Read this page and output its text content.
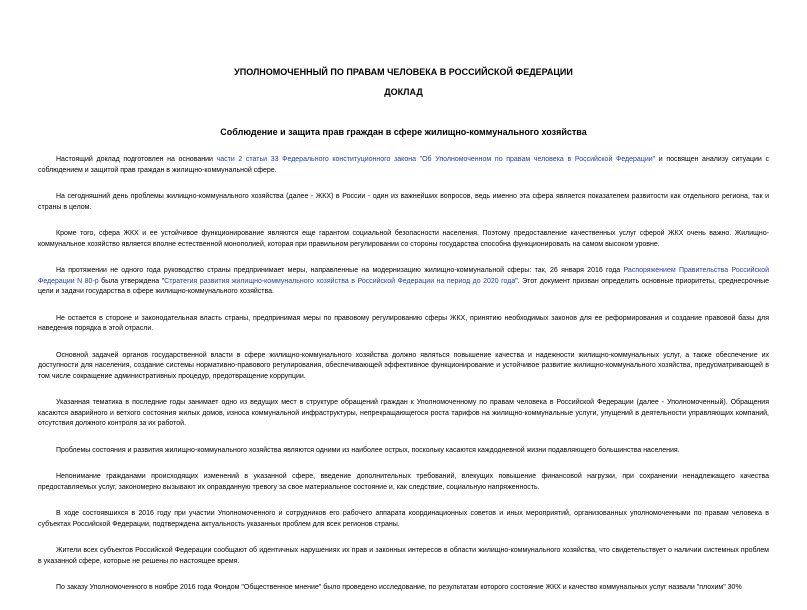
УПОЛНОМОЧЕННЫЙ ПО ПРАВАМ ЧЕЛОВЕКА В РОССИЙСКОЙ ФЕДЕРАЦИИ
ДОКЛАД
Соблюдение и защита прав граждан в сфере жилищно-коммунального хозяйства

Настоящий доклад подготовлен на основании части 2 статьи 33 Федерального конституционного закона "Об Уполномоченном по правам человека в Российской Федерации" и посвящен анализу ситуации с соблюдением и защитой прав граждан в жилищно-коммунальной сфере.

На сегодняшний день проблемы жилищно-коммунального хозяйства (далее - ЖКХ) в России - один из важнейших вопросов, ведь именно эта сфера является показателем развитости как отдельного региона, так и страны в целом.

Кроме того, сфера ЖКХ и ее устойчивое функционирование являются еще гарантом социальной безопасности населения. Поэтому предоставление качественных услуг сферой ЖКХ очень важно. Жилищно-коммунальное хозяйство является вполне естественной монополией, которая при правильном регулировании со стороны государства способна функционировать на самом высоком уровне.

На протяжении не одного года руководство страны предпринимает меры, направленные на модернизацию жилищно-коммунальной сферы: так, 26 января 2016 года Распоряжением Правительства Российской Федерации N 80-р была утверждена "Стратегия развития жилищно-коммунального хозяйства в Российской Федерации на период до 2020 года". Этот документ призван определить основные приоритеты, среднесрочные цели и задачи государства в сфере жилищно-коммунального хозяйства.

Не остается в стороне и законодательная власть страны, предпринимая меры по правовому регулированию сферы ЖКХ, принятию необходимых законов для ее реформирования и создание правовой базы для наведения порядка в этой отрасли.

Основной задачей органов государственной власти в сфере жилищно-коммунального хозяйства должно являться повышение качества и надежности жилищно-коммунальных услуг, а также обеспечение их доступности для населения, создание системы нормативно-правового регулирования, обеспечивающей эффективное функционирование и устойчивое развитие жилищно-коммунального хозяйства, предусматривающей в том числе сокращение административных процедур, предотвращение коррупции.

Указанная тематика в последние годы занимает одно из ведущих мест в структуре обращений граждан к Уполномоченному по правам человека в Российской Федерации (далее - Уполномоченный). Обращения касаются аварийного и ветхого состояния жилых домов, износа коммунальной инфраструктуры, непрекращающегося роста тарифов на жилищно-коммунальные услуги, упущений в деятельности управляющих компаний, отсутствия должного контроля за их работой.

Проблемы состояния и развития жилищно-коммунального хозяйства являются одними из наиболее острых, поскольку касаются каждодневной жизни подавляющего большинства населения.

Непонимание гражданами происходящих изменений в указанной сфере, введение дополнительных требований, влекущих повышение финансовой нагрузки, при сохранении ненадлежащего качества предоставляемых услуг, закономерно вызывают их оправданную тревогу за свое материальное состояние и, как следствие, социальную напряженность.

В ходе состоявшихся в 2016 году при участии Уполномоченного и сотрудников его рабочего аппарата координационных советов и иных мероприятий, организованных уполномоченными по правам человека в субъектах Российской Федерации, подтверждена актуальность указанных проблем для всех регионов страны.

Жители всех субъектов Российской Федерации сообщают об идентичных нарушениях их прав и законных интересов в области жилищно-коммунального хозяйства, что свидетельствует о наличии системных проблем в указанной сфере, которые не решены по настоящее время.

По заказу Уполномоченного в ноябре 2016 года Фондом "Общественное мнение" было проведено исследование, по результатам которого состояние ЖКХ и качество коммунальных услуг назвали "плохим" 30%
